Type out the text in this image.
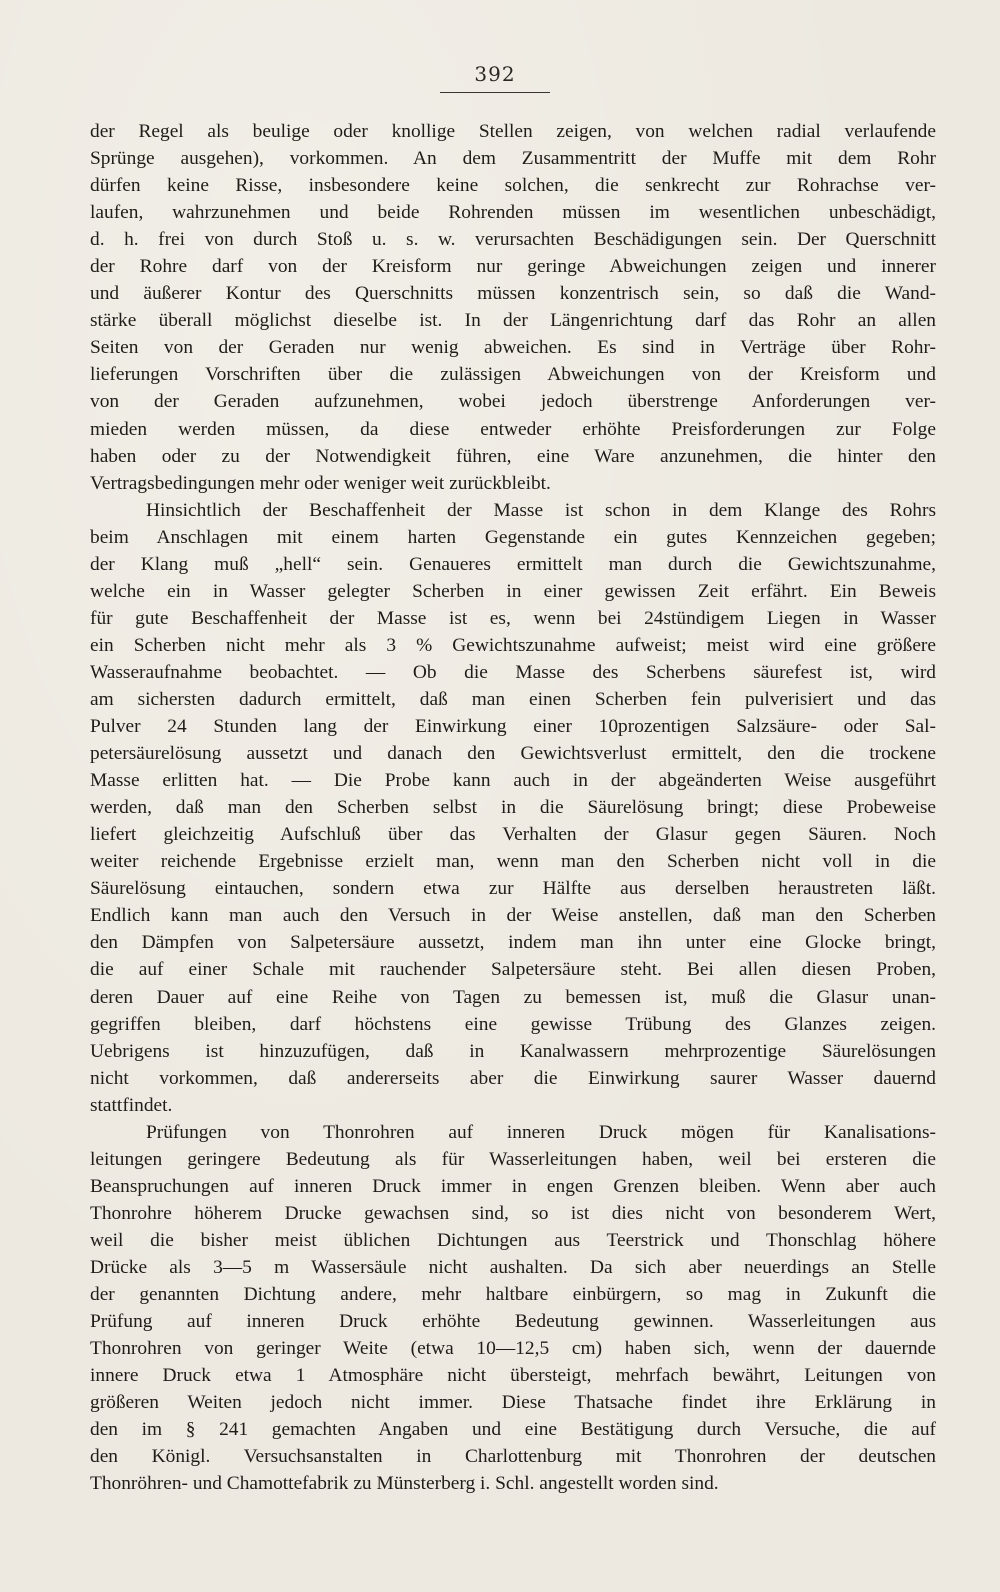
392
der Regel als beulige oder knollige Stellen zeigen, von welchen radial verlaufende
Sprünge ausgehen), vorkommen. An dem Zusammentritt der Muffe mit dem Rohr
dürfen keine Risse, insbesondere keine solchen, die senkrecht zur Rohrachse ver-
laufen, wahrzunehmen und beide Rohrenden müssen im wesentlichen unbeschädigt,
d. h. frei von durch Stoß u. s. w. verursachten Beschädigungen sein. Der Querschnitt
der Rohre darf von der Kreisform nur geringe Abweichungen zeigen und innerer
und äußerer Kontur des Querschnitts müssen konzentrisch sein, so daß die Wand-
stärke überall möglichst dieselbe ist. In der Längenrichtung darf das Rohr an allen
Seiten von der Geraden nur wenig abweichen. Es sind in Verträge über Rohr-
lieferungen Vorschriften über die zulässigen Abweichungen von der Kreisform und
von der Geraden aufzunehmen, wobei jedoch überstrenge Anforderungen ver-
mieden werden müssen, da diese entweder erhöhte Preisforderungen zur Folge
haben oder zu der Notwendigkeit führen, eine Ware anzunehmen, die hinter den
Vertragsbedingungen mehr oder weniger weit zurückbleibt.
Hinsichtlich der Beschaffenheit der Masse ist schon in dem Klange des Rohrs
beim Anschlagen mit einem harten Gegenstande ein gutes Kennzeichen gegeben;
der Klang muß „hell“ sein. Genaueres ermittelt man durch die Gewichtszunahme,
welche ein in Wasser gelegter Scherben in einer gewissen Zeit erfährt. Ein Beweis
für gute Beschaffenheit der Masse ist es, wenn bei 24stündigem Liegen in Wasser
ein Scherben nicht mehr als 3 % Gewichtszunahme aufweist; meist wird eine größere
Wasseraufnahme beobachtet. — Ob die Masse des Scherbens säurefest ist, wird
am sichersten dadurch ermittelt, daß man einen Scherben fein pulverisiert und das
Pulver 24 Stunden lang der Einwirkung einer 10prozentigen Salzsäure- oder Sal-
petersäurelösung aussetzt und danach den Gewichtsverlust ermittelt, den die trockene
Masse erlitten hat. — Die Probe kann auch in der abgeänderten Weise ausgeführt
werden, daß man den Scherben selbst in die Säurelösung bringt; diese Probeweise
liefert gleichzeitig Aufschluß über das Verhalten der Glasur gegen Säuren. Noch
weiter reichende Ergebnisse erzielt man, wenn man den Scherben nicht voll in die
Säurelösung eintauchen, sondern etwa zur Hälfte aus derselben heraustreten läßt.
Endlich kann man auch den Versuch in der Weise anstellen, daß man den Scherben
den Dämpfen von Salpetersäure aussetzt, indem man ihn unter eine Glocke bringt,
die auf einer Schale mit rauchender Salpetersäure steht. Bei allen diesen Proben,
deren Dauer auf eine Reihe von Tagen zu bemessen ist, muß die Glasur unan-
gegriffen bleiben, darf höchstens eine gewisse Trübung des Glanzes zeigen.
Uebrigens ist hinzuzufügen, daß in Kanalwassern mehrprozentige Säurelösungen
nicht vorkommen, daß andererseits aber die Einwirkung saurer Wasser dauernd
stattfindet.
Prüfungen von Thonrohren auf inneren Druck mögen für Kanalisations-
leitungen geringere Bedeutung als für Wasserleitungen haben, weil bei ersteren die
Beanspruchungen auf inneren Druck immer in engen Grenzen bleiben. Wenn aber auch
Thonrohre höherem Drucke gewachsen sind, so ist dies nicht von besonderem Wert,
weil die bisher meist üblichen Dichtungen aus Teerstrick und Thonschlag höhere
Drücke als 3—5 m Wassersäule nicht aushalten. Da sich aber neuerdings an Stelle
der genannten Dichtung andere, mehr haltbare einbürgern, so mag in Zukunft die
Prüfung auf inneren Druck erhöhte Bedeutung gewinnen. Wasserleitungen aus
Thonrohren von geringer Weite (etwa 10—12,5 cm) haben sich, wenn der dauernde
innere Druck etwa 1 Atmosphäre nicht übersteigt, mehrfach bewährt, Leitungen von
größeren Weiten jedoch nicht immer. Diese Thatsache findet ihre Erklärung in
den im § 241 gemachten Angaben und eine Bestätigung durch Versuche, die auf
den Königl. Versuchsanstalten in Charlottenburg mit Thonrohren der deutschen
Thonröhren- und Chamottefabrik zu Münsterberg i. Schl. angestellt worden sind.
